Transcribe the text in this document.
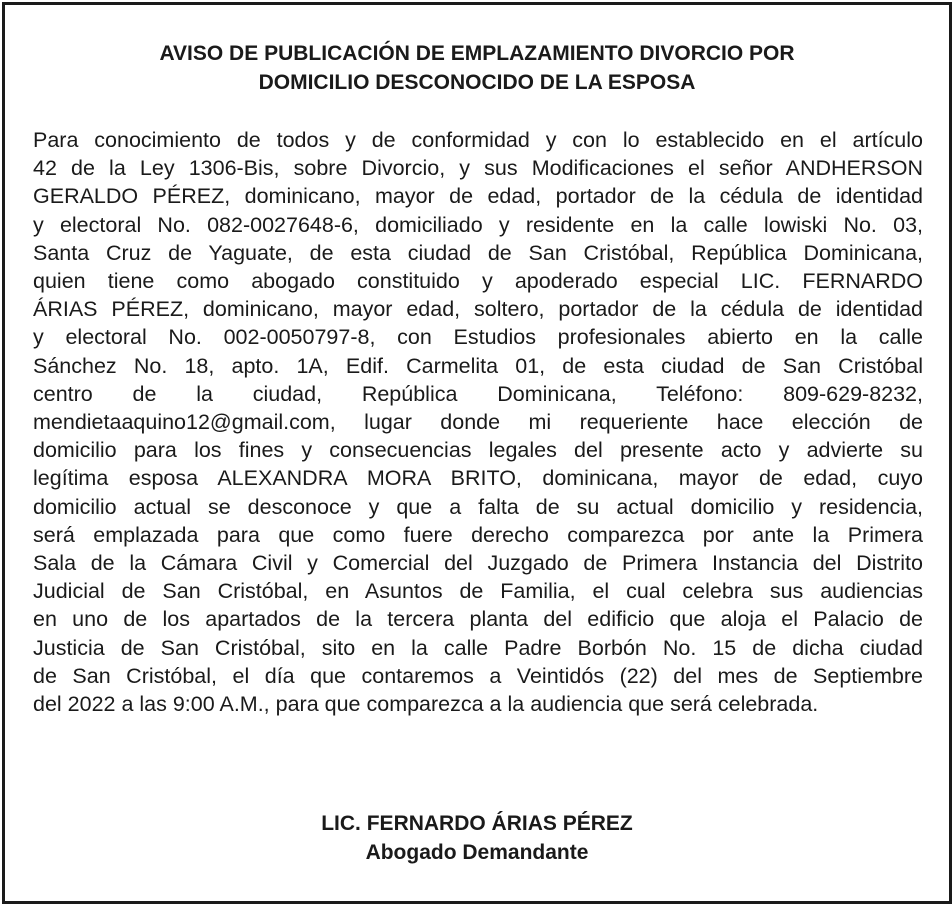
AVISO DE PUBLICACIÓN DE EMPLAZAMIENTO DIVORCIO POR
DOMICILIO DESCONOCIDO DE LA ESPOSA
Para conocimiento de todos y de conformidad y con lo establecido en el artículo
42 de la Ley 1306-Bis, sobre Divorcio, y sus Modificaciones el señor ANDHERSON
GERALDO PÉREZ, dominicano, mayor de edad, portador de la cédula de identidad
y electoral No. 082-0027648-6, domiciliado y residente en la calle lowiski No. 03,
Santa Cruz de Yaguate, de esta ciudad de San Cristóbal, República Dominicana,
quien tiene como abogado constituido y apoderado especial LIC. FERNARDO
ÁRIAS PÉREZ, dominicano, mayor edad, soltero, portador de la cédula de identidad
y electoral No. 002-0050797-8, con Estudios profesionales abierto en la calle
Sánchez No. 18, apto. 1A, Edif. Carmelita 01, de esta ciudad de San Cristóbal
centro de la ciudad, República Dominicana, Teléfono: 809-629-8232,
mendietaaquino12@gmail.com, lugar donde mi requeriente hace elección de
domicilio para los fines y consecuencias legales del presente acto y advierte su
legítima esposa ALEXANDRA MORA BRITO, dominicana, mayor de edad, cuyo
domicilio actual se desconoce y que a falta de su actual domicilio y residencia,
será emplazada para que como fuere derecho comparezca por ante la Primera
Sala de la Cámara Civil y Comercial del Juzgado de Primera Instancia del Distrito
Judicial de San Cristóbal, en Asuntos de Familia, el cual celebra sus audiencias
en uno de los apartados de la tercera planta del edificio que aloja el Palacio de
Justicia de San Cristóbal, sito en la calle Padre Borbón No. 15 de dicha ciudad
de San Cristóbal, el día que contaremos a Veintidós (22) del mes de Septiembre
del 2022 a las 9:00 A.M., para que comparezca a la audiencia que será celebrada.
LIC. FERNARDO ÁRIAS PÉREZ
Abogado Demandante
